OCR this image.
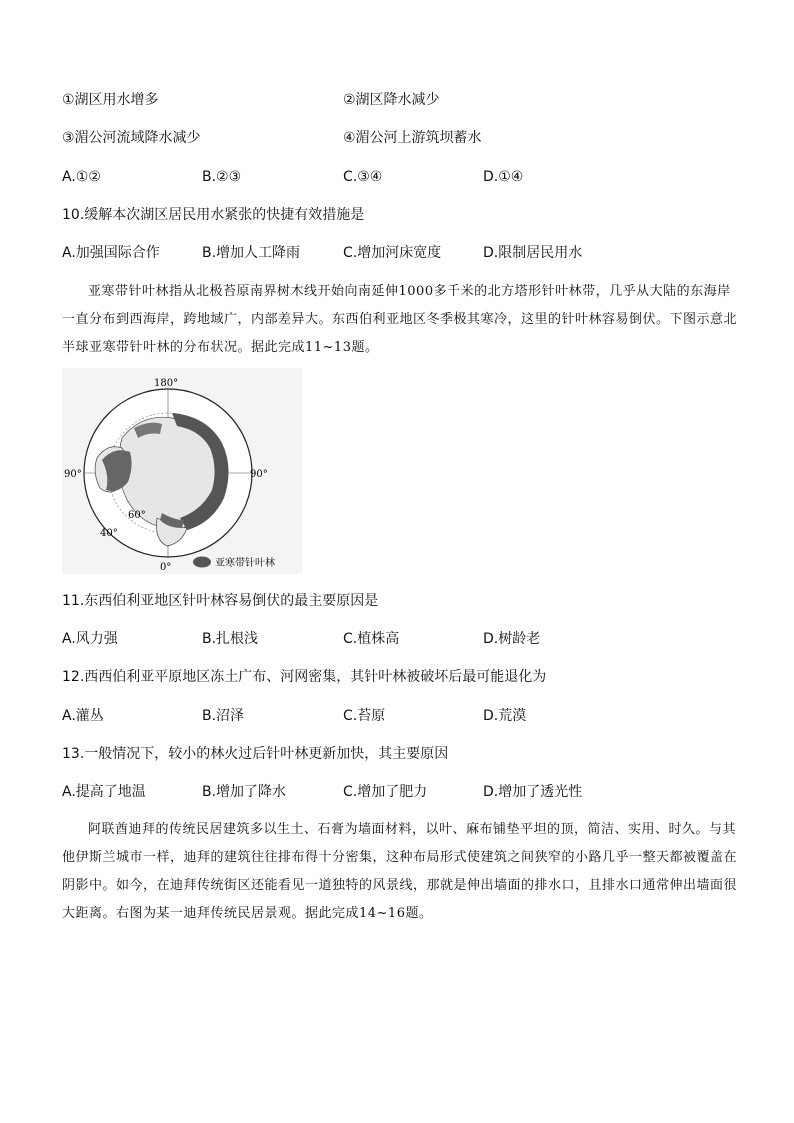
①湖区用水增多	②湖区降水减少
③湄公河流域降水减少	④湄公河上游筑坝蓄水
A.①②	B.②③	C.③④	D.①④
10.缓解本次湖区居民用水紧张的快捷有效措施是
A.加强国际合作	B.增加人工降雨	C.增加河床宽度	D.限制居民用水
亚寒带针叶林指从北极苔原南界树木线开始向南延伸1000多千米的北方塔形针叶林带，几乎从大陆的东海岸一直分布到西海岸，跨地域广，内部差异大。东西伯利亚地区冬季极其寒冷，这里的针叶林容易倒伏。下图示意北半球亚寒带针叶林的分布状况。据此完成11~13题。
180°
90°	90°
60°
40°
0°	亚寒带针叶林
11.东西伯利亚地区针叶林容易倒伏的最主要原因是
A.风力强	B.扎根浅	C.植株高	D.树龄老
12.西西伯利亚平原地区冻土广布、河网密集，其针叶林被破坏后最可能退化为
A.灌丛	B.沼泽	C.苔原	D.荒漠
13.一般情况下，较小的林火过后针叶林更新加快，其主要原因
A.提高了地温	B.增加了降水	C.增加了肥力	D.增加了透光性
阿联酋迪拜的传统民居建筑多以生土、石膏为墙面材料，以叶、麻布铺垫平坦的顶，简洁、实用、时久。与其他伊斯兰城市一样，迪拜的建筑往往排布得十分密集，这种布局形式使建筑之间狭窄的小路几乎一整天都被覆盖在阴影中。如今，在迪拜传统街区还能看见一道独特的风景线，那就是伸出墙面的排水口，且排水口通常伸出墙面很大距离。右图为某一迪拜传统民居景观。据此完成14~16题。
